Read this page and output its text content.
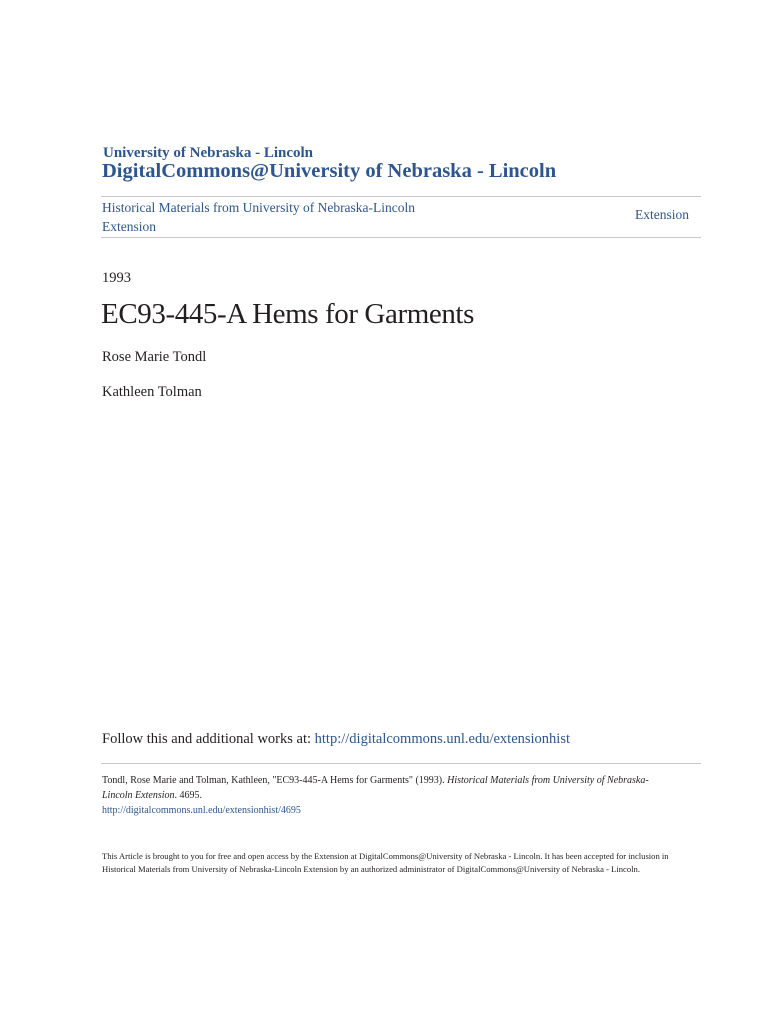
University of Nebraska - Lincoln
DigitalCommons@University of Nebraska - Lincoln
Historical Materials from University of Nebraska-Lincoln Extension
Extension
1993
EC93-445-A Hems for Garments
Rose Marie Tondl
Kathleen Tolman
Follow this and additional works at: http://digitalcommons.unl.edu/extensionhist
Tondl, Rose Marie and Tolman, Kathleen, "EC93-445-A Hems for Garments" (1993). Historical Materials from University of Nebraska-Lincoln Extension. 4695.
http://digitalcommons.unl.edu/extensionhist/4695
This Article is brought to you for free and open access by the Extension at DigitalCommons@University of Nebraska - Lincoln. It has been accepted for inclusion in Historical Materials from University of Nebraska-Lincoln Extension by an authorized administrator of DigitalCommons@University of Nebraska - Lincoln.
